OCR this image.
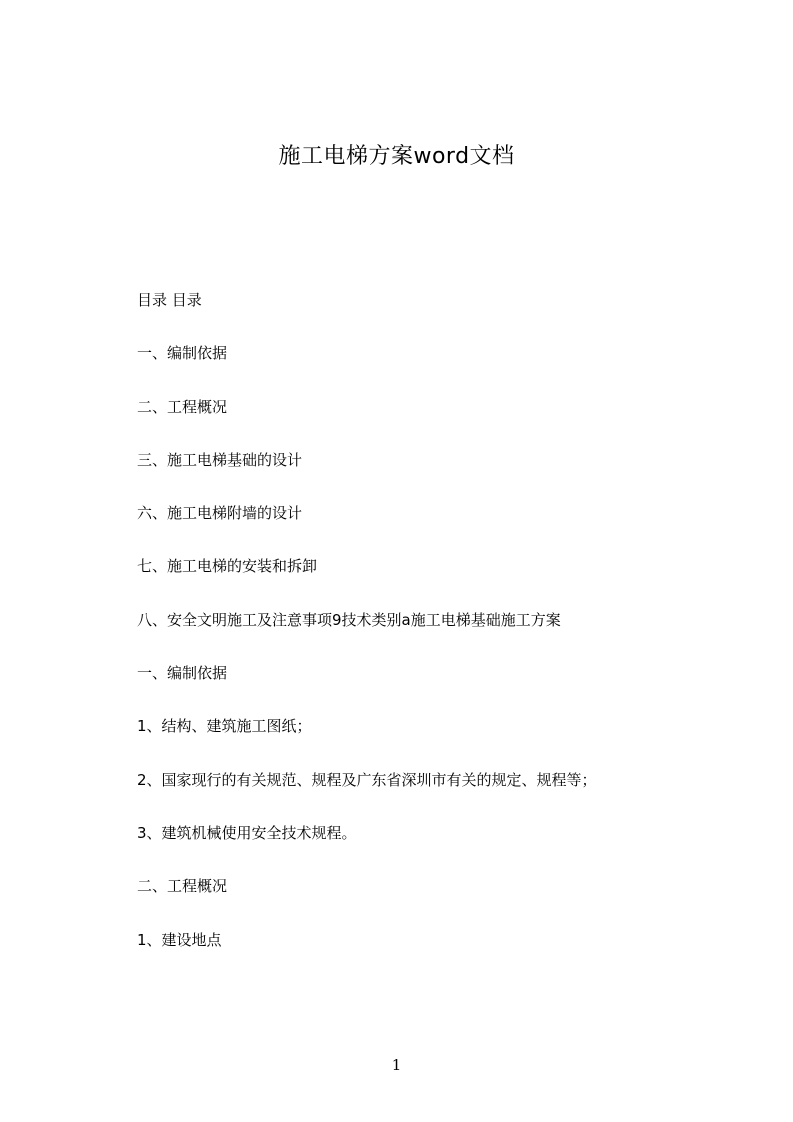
施工电梯方案word文档
目录 目录
一、编制依据
二、工程概况
三、施工电梯基础的设计
六、施工电梯附墙的设计
七、施工电梯的安装和拆卸
八、安全文明施工及注意事项9技术类别a施工电梯基础施工方案
一、编制依据
1、结构、建筑施工图纸；
2、国家现行的有关规范、规程及广东省深圳市有关的规定、规程等；
3、建筑机械使用安全技术规程。
二、工程概况
1、建设地点
1
